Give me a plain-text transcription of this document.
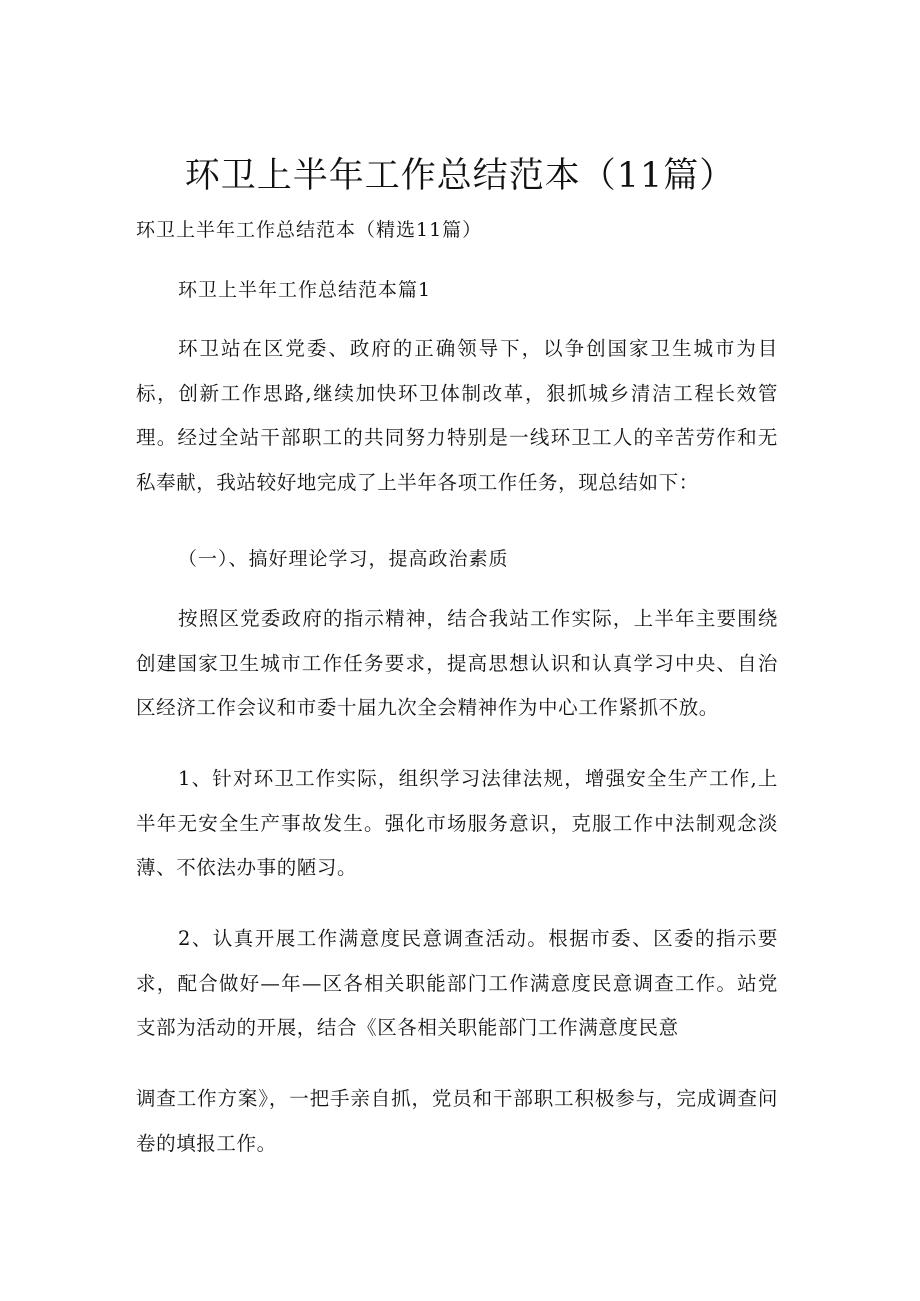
环卫上半年工作总结范本（11篇）
环卫上半年工作总结范本（精选11篇）
环卫上半年工作总结范本篇1

环卫站在区党委、政府的正确领导下，以争创国家卫生城市为目标，创新工作思路,继续加快环卫体制改革，狠抓城乡清洁工程长效管理。经过全站干部职工的共同努力特别是一线环卫工人的辛苦劳作和无私奉献，我站较好地完成了上半年各项工作任务，现总结如下：

（一）、搞好理论学习，提高政治素质

按照区党委政府的指示精神，结合我站工作实际，上半年主要围绕创建国家卫生城市工作任务要求，提高思想认识和认真学习中央、自治区经济工作会议和市委十届九次全会精神作为中心工作紧抓不放。

1、针对环卫工作实际，组织学习法律法规，增强安全生产工作,上半年无安全生产事故发生。强化市场服务意识，克服工作中法制观念淡薄、不依法办事的陋习。

2、认真开展工作满意度民意调查活动。根据市委、区委的指示要求，配合做好—年—区各相关职能部门工作满意度民意调查工作。站党支部为活动的开展，结合《区各相关职能部门工作满意度民意

调查工作方案》，一把手亲自抓，党员和干部职工积极参与，完成调查问卷的填报工作。
